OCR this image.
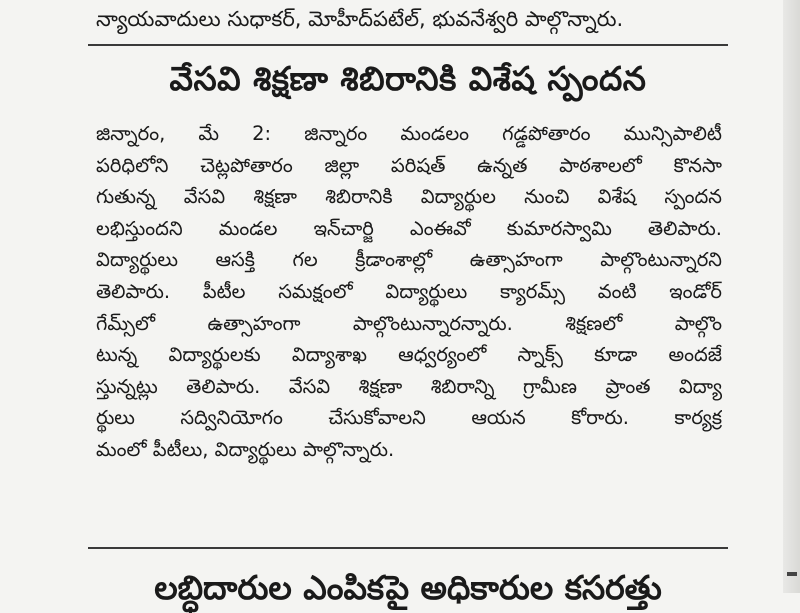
న్యాయవాదులు సుధాకర్‌, మోహీద్‌పటేల్‌, భువనేశ్వరి పాల్గొన్నారు.
వేసవి శిక్షణా శిబిరానికి విశేష స్పందన
జిన్నారం, మే 2: జిన్నారం మండలం గడ్డపోతారం మున్సిపాలిటీ
పరిధిలోని చెట్లపోతారం జిల్లా పరిషత్‌ ఉన్నత పాఠశాలలో కొనసా
గుతున్న వేసవి శిక్షణా శిబిరానికి విద్యార్థుల నుంచి విశేష స్పందన
లభిస్తుందని మండల ఇన్‌చార్జి ఎంఈవో కుమారస్వామి తెలిపారు.
విద్యార్థులు ఆసక్తి గల క్రీడాంశాల్లో ఉత్సాహంగా పాల్గొంటున్నారని
తెలిపారు. పీటీల సమక్షంలో విద్యార్థులు క్యారమ్స్‌ వంటి ఇండోర్‌
గేమ్స్‌లో ఉత్సాహంగా పాల్గొంటున్నారన్నారు. శిక్షణలో పాల్గొం
టున్న విద్యార్థులకు విద్యాశాఖ ఆధ్వర్యంలో స్నాక్స్‌ కూడా అందజే
స్తున్నట్లు తెలిపారు. వేసవి శిక్షణా శిబిరాన్ని గ్రామీణ ప్రాంత విద్యా
ర్థులు సద్వినియోగం చేసుకోవాలని ఆయన కోరారు. కార్యక్ర
మంలో పీటీలు, విద్యార్థులు పాల్గొన్నారు.
లబ్ధిదారుల ఎంపికపై అధికారుల కసరత్తు
